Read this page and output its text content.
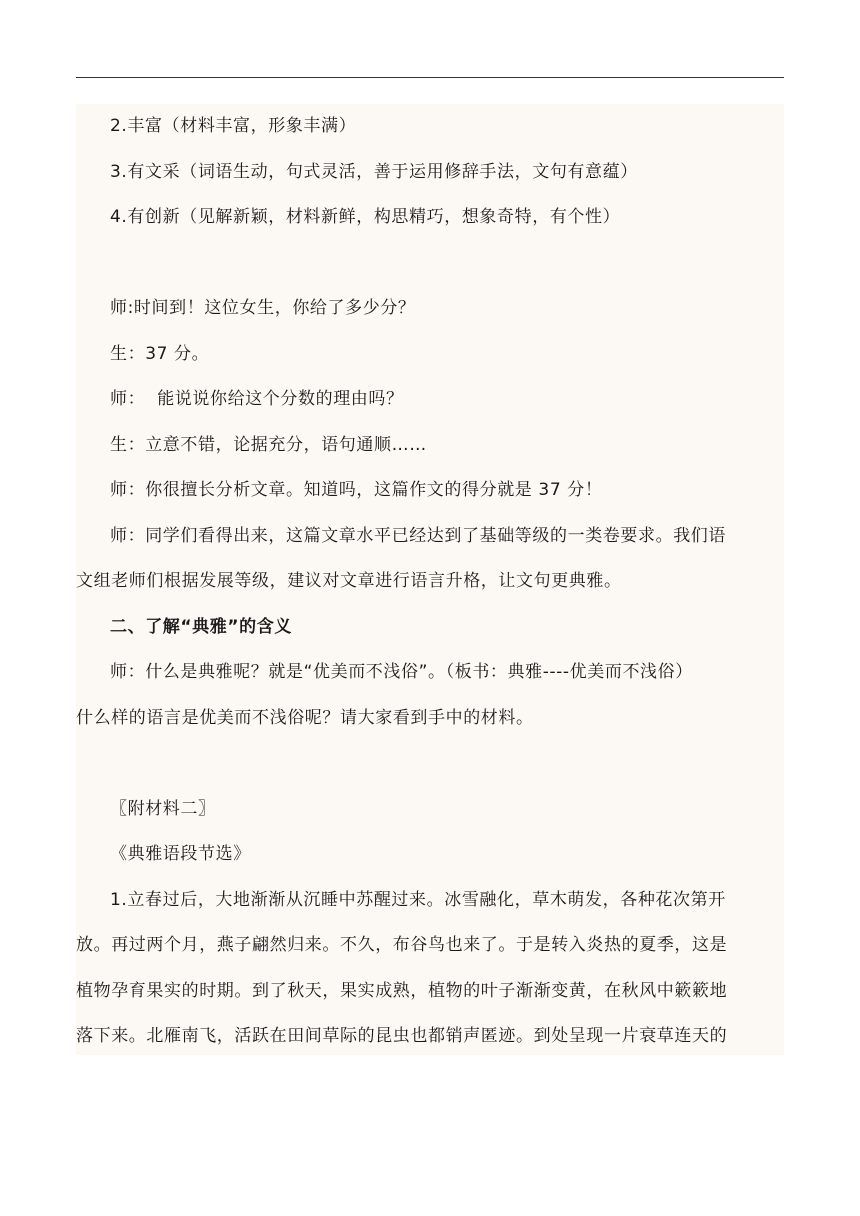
2.丰富（材料丰富，形象丰满）
3.有文采（词语生动，句式灵活，善于运用修辞手法，文句有意蕴）
4.有创新（见解新颖，材料新鲜，构思精巧，想象奇特，有个性）
师:时间到！这位女生，你给了多少分？
生：37 分。
师：  能说说你给这个分数的理由吗？
生：立意不错，论据充分，语句通顺……
师：你很擅长分析文章。知道吗，这篇作文的得分就是 37 分！
师：同学们看得出来，这篇文章水平已经达到了基础等级的一类卷要求。我们语
文组老师们根据发展等级，建议对文章进行语言升格，让文句更典雅。
二、了解“典雅”的含义
师：什么是典雅呢？就是“优美而不浅俗”。（板书：典雅----优美而不浅俗）
什么样的语言是优美而不浅俗呢？请大家看到手中的材料。
〖附材料二〗
《典雅语段节选》
1.立春过后，大地渐渐从沉睡中苏醒过来。冰雪融化，草木萌发，各种花次第开
放。再过两个月，燕子翩然归来。不久，布谷鸟也来了。于是转入炎热的夏季，这是
植物孕育果实的时期。到了秋天，果实成熟，植物的叶子渐渐变黄，在秋风中簌簌地
落下来。北雁南飞，活跃在田间草际的昆虫也都销声匿迹。到处呈现一片衰草连天的
